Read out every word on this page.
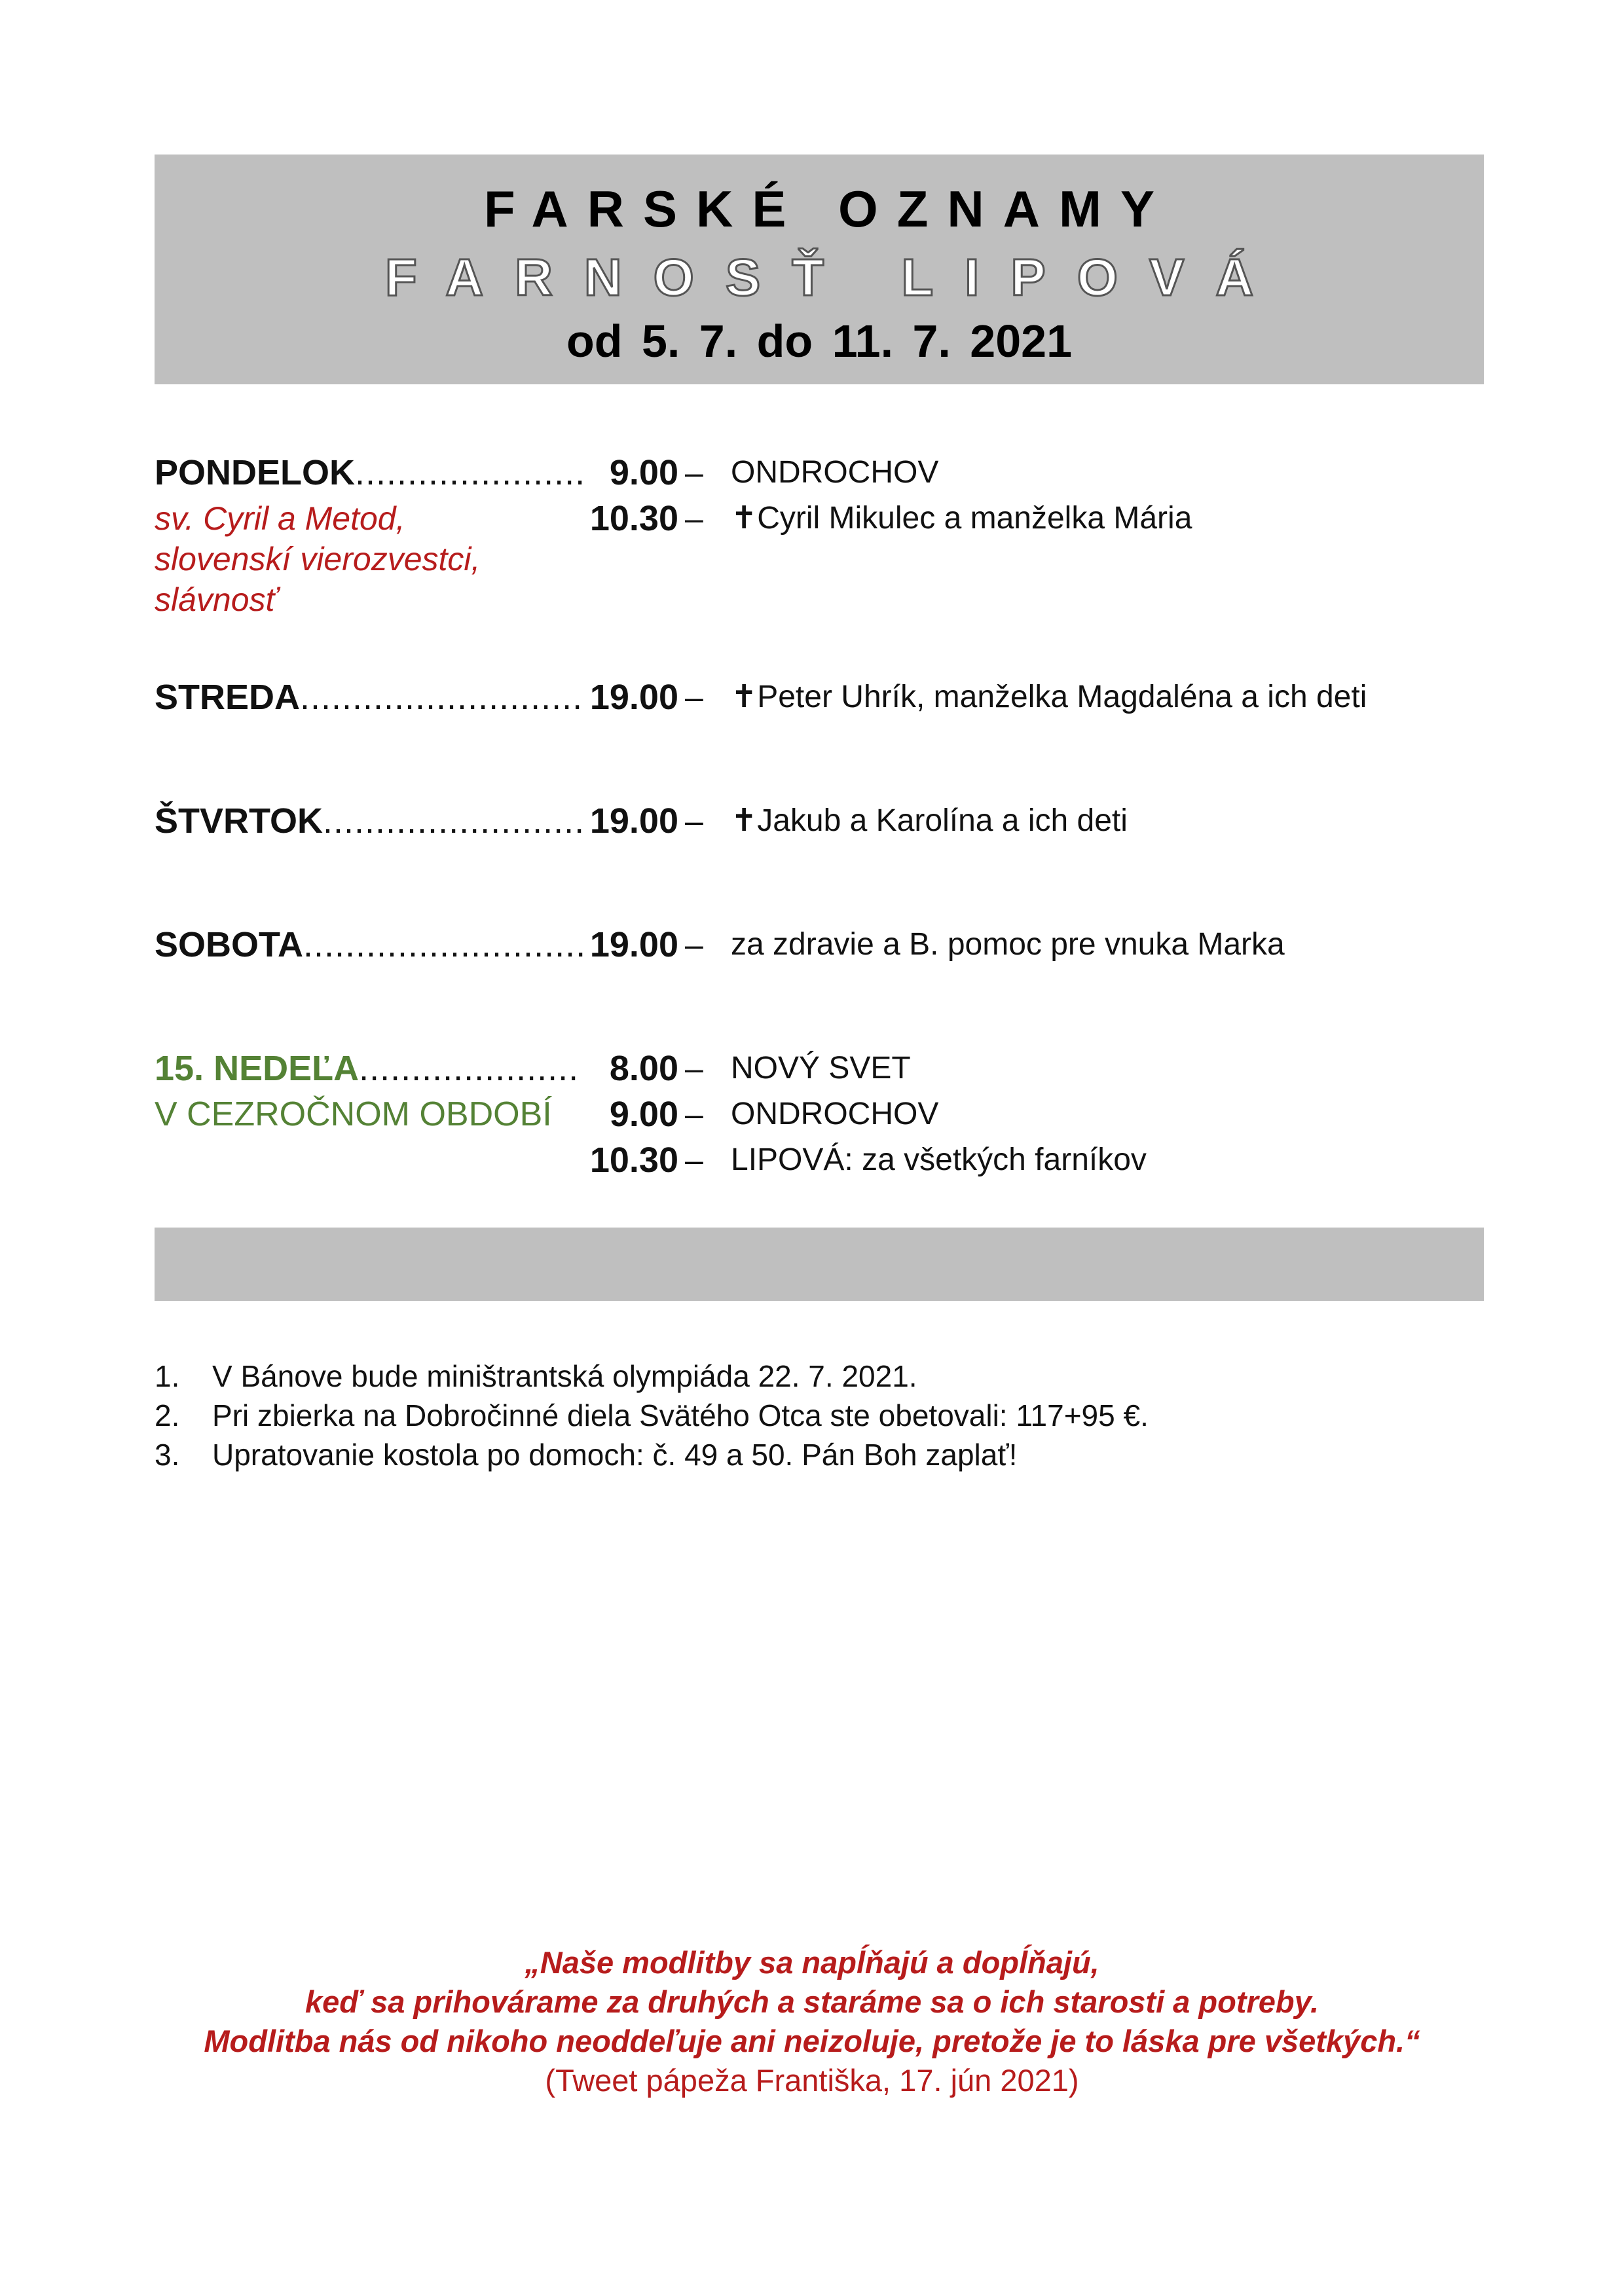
FARSKÉ OZNAMY
FARNOSŤ LIPOVÁ
od 5. 7. do 11. 7. 2021
PONDELOK......................
sv. Cyril a Metod,
slovenskí vierozvestci,
slávnosť
9.00 – ONDROCHOV
10.30 – ✝Cyril Mikulec a manželka Mária
STREDA........................... 19.00 – ✝Peter Uhrík, manželka Magdaléna a ich deti
ŠTVRTOK......................... 19.00 – ✝Jakub a Karolína a ich deti
SOBOTA........................... 19.00 – za zdravie a B. pomoc pre vnuka Marka
15. NEDEĽA.....................
V CEZROČNOM OBDOBÍ
8.00 – NOVÝ SVET
9.00 – ONDROCHOV
10.30 – LIPOVÁ: za všetkých farníkov
1. V Bánove bude miništrantská olympiáda 22. 7. 2021.
2. Pri zbierka na Dobročinné diela Svätého Otca ste obetovali: 117+95 €.
3. Upratovanie kostola po domoch: č. 49 a 50. Pán Boh zaplať!
„Naše modlitby sa napĺňajú a dopĺňajú,
keď sa prihovárame za druhých a staráme sa o ich starosti a potreby.
Modlitba nás od nikoho neoddeľuje ani neizoluje, pretože je to láska pre všetkých.“
(Tweet pápeža Františka, 17. jún 2021)
